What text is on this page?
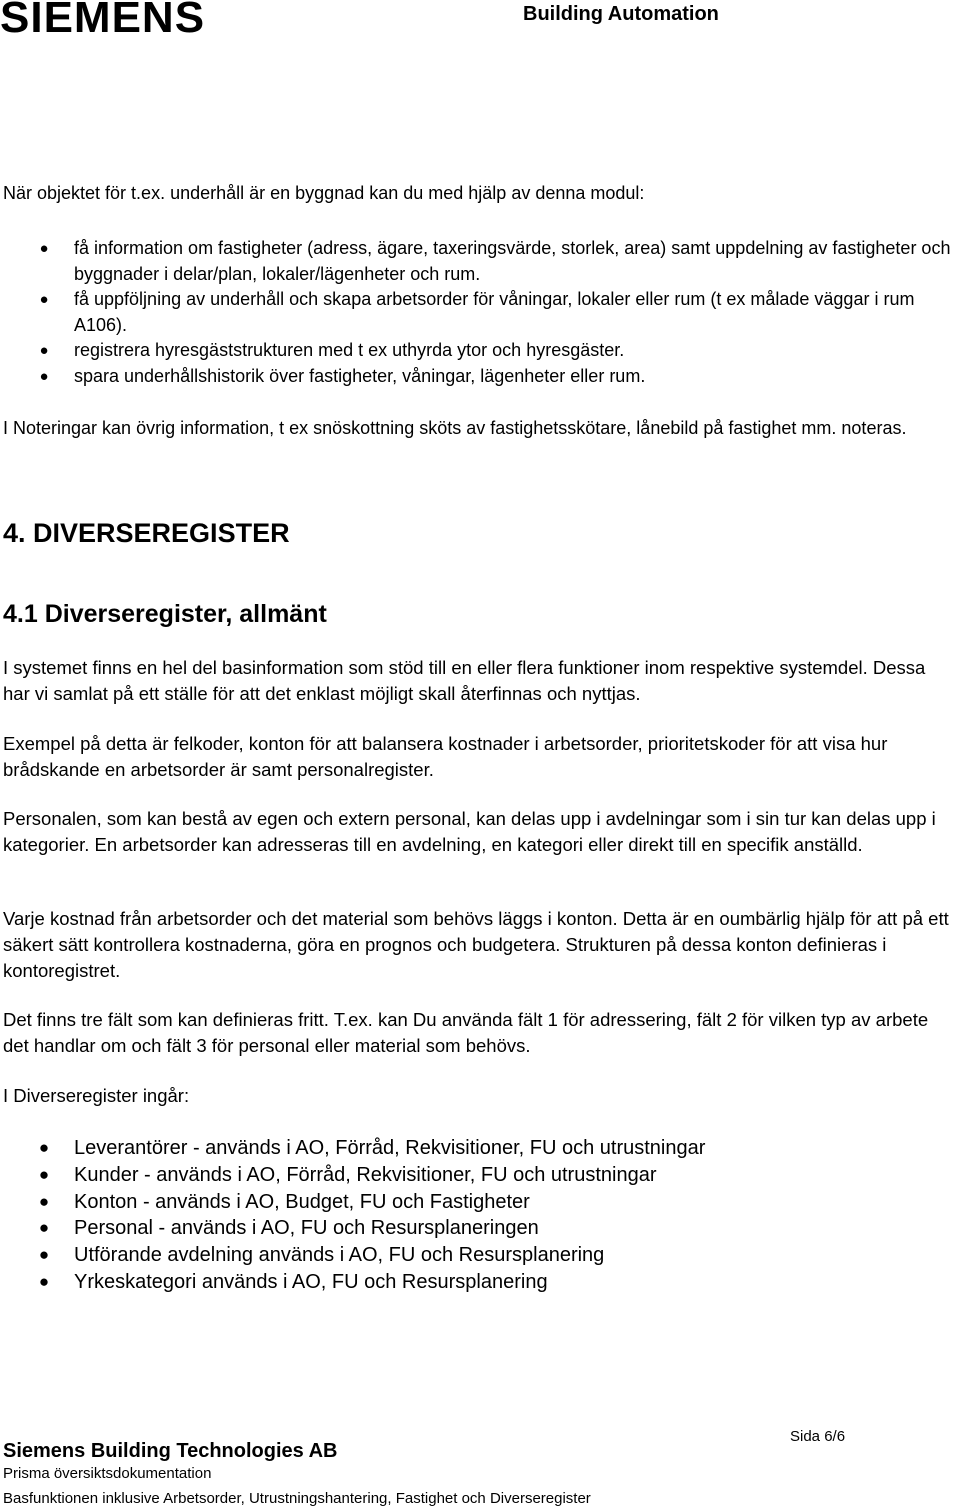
SIEMENS	Building Automation

När objektet för t.ex. underhåll är en byggnad kan du med hjälp av denna modul:

● få information om fastigheter (adress, ägare, taxeringsvärde, storlek, area) samt uppdelning av fastigheter och byggnader i delar/plan, lokaler/lägenheter och rum.
● få uppföljning av underhåll och skapa arbetsorder för våningar, lokaler eller rum (t ex målade väggar i rum A106).
● registrera hyresgäststrukturen med t ex uthyrda ytor och hyresgäster.
● spara underhållshistorik över fastigheter, våningar, lägenheter eller rum.

I Noteringar kan övrig information, t ex snöskottning sköts av fastighetsskötare, lånebild på fastighet mm. noteras.

4. DIVERSEREGISTER
4.1 Diverseregister, allmänt

I systemet finns en hel del basinformation som stöd till en eller flera funktioner inom respektive systemdel. Dessa har vi samlat på ett ställe för att det enklast möjligt skall återfinnas och nyttjas.

Exempel på detta är felkoder, konton för att balansera kostnader i arbetsorder, prioritetskoder för att visa hur brådskande en arbetsorder är samt personalregister.

Personalen, som kan bestå av egen och extern personal, kan delas upp i avdelningar som i sin tur kan delas upp i kategorier. En arbetsorder kan adresseras till en avdelning, en kategori eller direkt till en specifik anställd.

Varje kostnad från arbetsorder och det material som behövs läggs i konton. Detta är en oumbärlig hjälp för att på ett säkert sätt kontrollera kostnaderna, göra en prognos och budgetera. Strukturen på dessa konton definieras i kontoregistret.

Det finns tre fält som kan definieras fritt. T.ex. kan Du använda fält 1 för adressering, fält 2 för vilken typ av arbete det handlar om och fält 3 för personal eller material som behövs.

I Diverseregister ingår:

● Leverantörer - används i AO, Förråd, Rekvisitioner, FU och utrustningar
● Kunder - används i AO, Förråd, Rekvisitioner, FU och utrustningar
● Konton - används i AO, Budget, FU och Fastigheter
● Personal - används i AO, FU och Resursplaneringen
● Utförande avdelning används i AO, FU och Resursplanering
● Yrkeskategori används i AO, FU och Resursplanering
Sida 6/6
Siemens Building Technologies AB
Prisma översiktsdokumentation
Basfunktionen inklusive Arbetsorder, Utrustningshantering, Fastighet och Diverseregister
